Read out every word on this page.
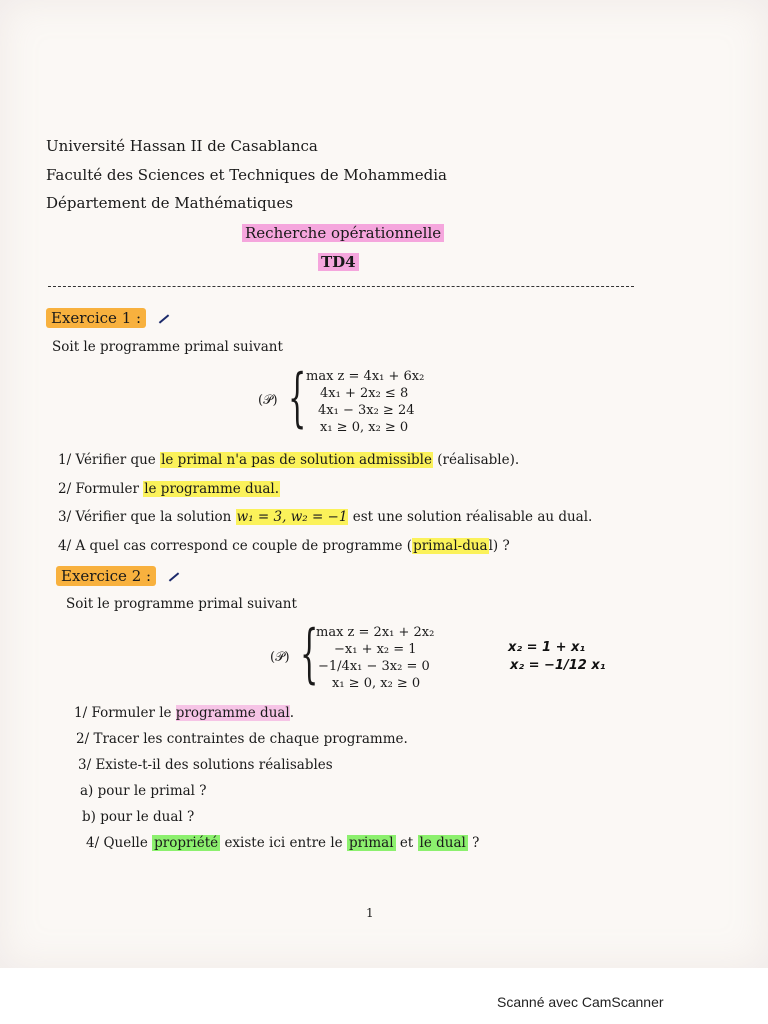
Université Hassan II de Casablanca
Faculté des Sciences et Techniques de Mohammedia
Département de Mathématiques
Recherche opérationnelle
TD4
Exercice 1 :
Soit le programme primal suivant
(𝒫) { max z = 4x₁ + 6x₂
4x₁ + 2x₂ ≤ 8
4x₁ − 3x₂ ≥ 24
x₁ ≥ 0, x₂ ≥ 0
1/ Vérifier que le primal n'a pas de solution admissible (réalisable).
2/ Formuler le programme dual.
3/ Vérifier que la solution w₁ = 3, w₂ = −1 est une solution réalisable au dual.
4/ A quel cas correspond ce couple de programme (primal-dual) ?
Exercice 2 :
Soit le programme primal suivant
(𝒫) {
max z = 2x₁ + 2x₂
−x₁ + x₂ = 1
−1/4x₁ − 3x₂ = 0
x₁ ≥ 0, x₂ ≥ 0
x₂ = 1 + x₁
x₂ = −1/12 x₁
1/ Formuler le programme dual.
2/ Tracer les contraintes de chaque programme.
3/ Existe-t-il des solutions réalisables
a) pour le primal ?
b) pour le dual ?
4/ Quelle propriété existe ici entre le primal et le dual ?
1
Scanné avec CamScanner
